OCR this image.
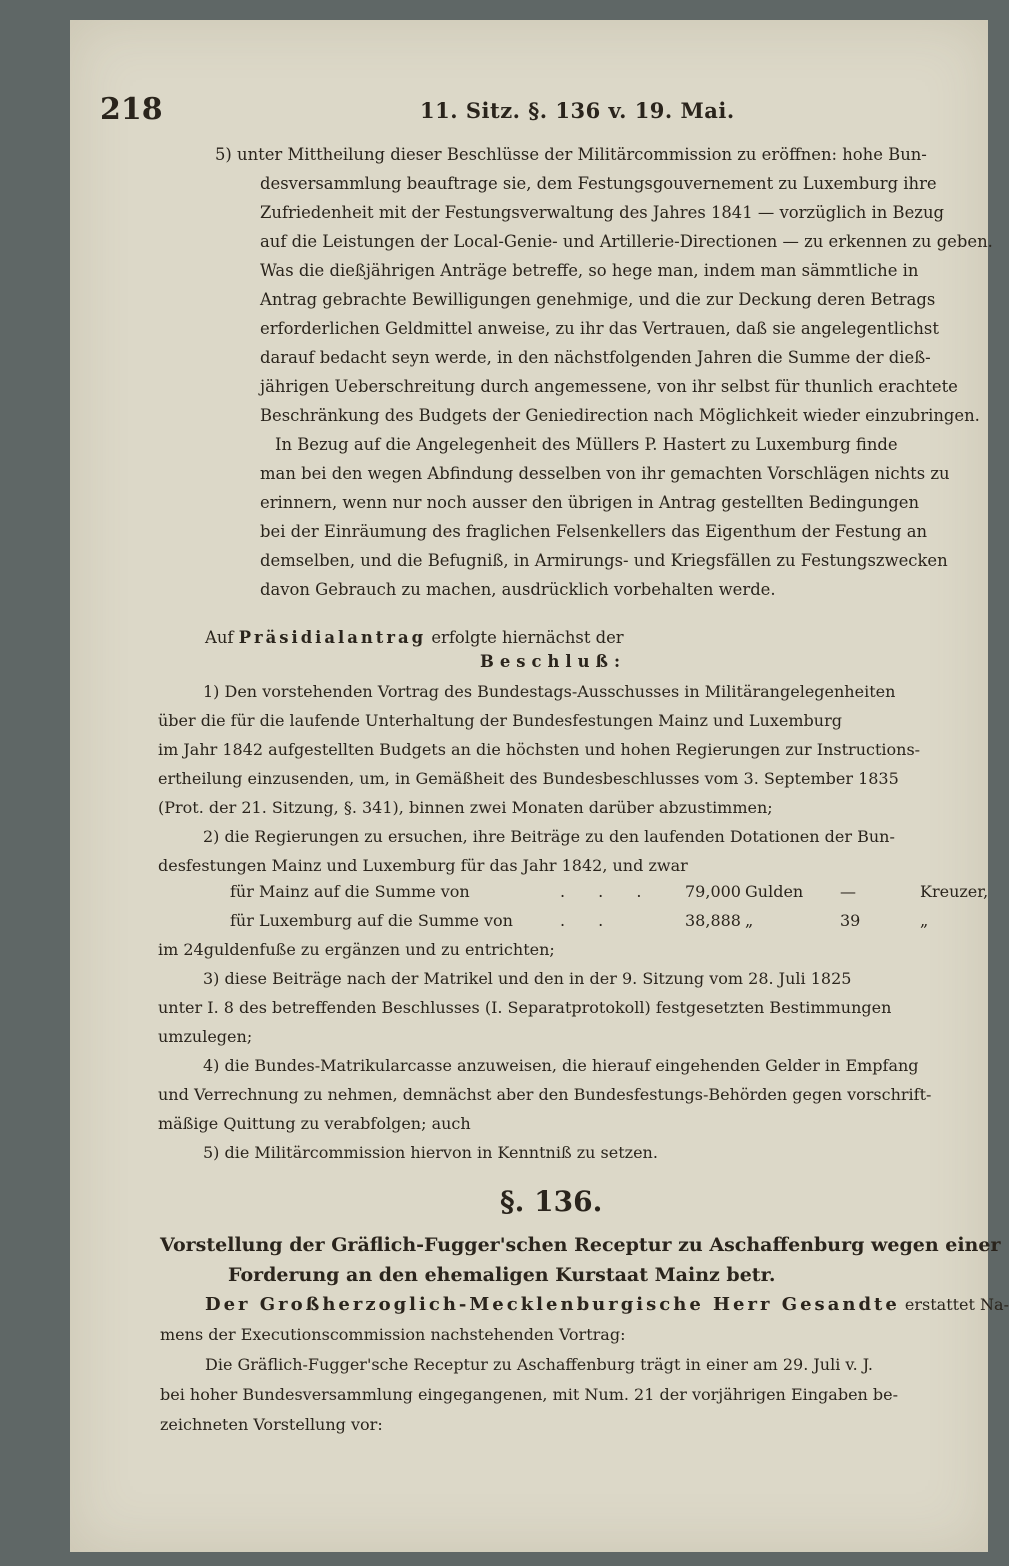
218	11. Sitz. §. 136 v. 19. Mai.

5) unter Mittheilung dieser Beschlüsse der Militärcommission zu eröffnen: hohe Bun-

desversammlung beauftrage sie, dem Festungsgouvernement zu Luxemburg ihre

Zufriedenheit mit der Festungsverwaltung des Jahres 1841 — vorzüglich in Bezug

auf die Leistungen der Local-Genie- und Artillerie-Directionen — zu erkennen zu geben.

Was die dießjährigen Anträge betreffe, so hege man, indem man sämmtliche in

Antrag gebrachte Bewilligungen genehmige, und die zur Deckung deren Betrags

erforderlichen Geldmittel anweise, zu ihr das Vertrauen, daß sie angelegentlichst

darauf bedacht seyn werde, in den nächstfolgenden Jahren die Summe der dieß-

jährigen Ueberschreitung durch angemessene, von ihr selbst für thunlich erachtete

Beschränkung des Budgets der Geniedirection nach Möglichkeit wieder einzubringen.

In Bezug auf die Angelegenheit des Müllers P. Hastert zu Luxemburg finde

man bei den wegen Abfindung desselben von ihr gemachten Vorschlägen nichts zu

erinnern, wenn nur noch ausser den übrigen in Antrag gestellten Bedingungen

bei der Einräumung des fraglichen Felsenkellers das Eigenthum der Festung an

demselben, und die Befugniß, in Armirungs- und Kriegsfällen zu Festungszwecken

davon Gebrauch zu machen, ausdrücklich vorbehalten werde.

Auf Präsidialantrag erfolgte hiernächst der

Beschluß:

1) Den vorstehenden Vortrag des Bundestags-Ausschusses in Militärangelegenheiten

über die für die laufende Unterhaltung der Bundesfestungen Mainz und Luxemburg

im Jahr 1842 aufgestellten Budgets an die höchsten und hohen Regierungen zur Instructions-

ertheilung einzusenden, um, in Gemäßheit des Bundesbeschlusses vom 3. September 1835

(Prot. der 21. Sitzung, §. 341), binnen zwei Monaten darüber abzustimmen;

2) die Regierungen zu ersuchen, ihre Beiträge zu den laufenden Dotationen der Bun-

desfestungen Mainz und Luxemburg für das Jahr 1842, und zwar

für Mainz auf die Summe von	. . . 79,000 Gulden —	Kreuzer,
für Luxemburg auf die Summe von	. .	38,888 „	39	„

im 24guldenfuße zu ergänzen und zu entrichten;

3) diese Beiträge nach der Matrikel und den in der 9. Sitzung vom 28. Juli 1825

unter I. 8 des betreffenden Beschlusses (I. Separatprotokoll) festgesetzten Bestimmungen

umzulegen;

4) die Bundes-Matrikularcasse anzuweisen, die hierauf eingehenden Gelder in Empfang

und Verrechnung zu nehmen, demnächst aber den Bundesfestungs-Behörden gegen vorschrift-

mäßige Quittung zu verabfolgen; auch

5) die Militärcommission hiervon in Kenntniß zu setzen.

§. 136.

Vorstellung der Gräflich-Fugger'schen Receptur zu Aschaffenburg wegen einer

Forderung an den ehemaligen Kurstaat Mainz betr.

Der Großherzoglich-Mecklenburgische Herr Gesandte erstattet Na-

mens der Executionscommission nachstehenden Vortrag:

Die Gräflich-Fugger'sche Receptur zu Aschaffenburg trägt in einer am 29. Juli v. J.

bei hoher Bundesversammlung eingegangenen, mit Num. 21 der vorjährigen Eingaben be-

zeichneten Vorstellung vor:
